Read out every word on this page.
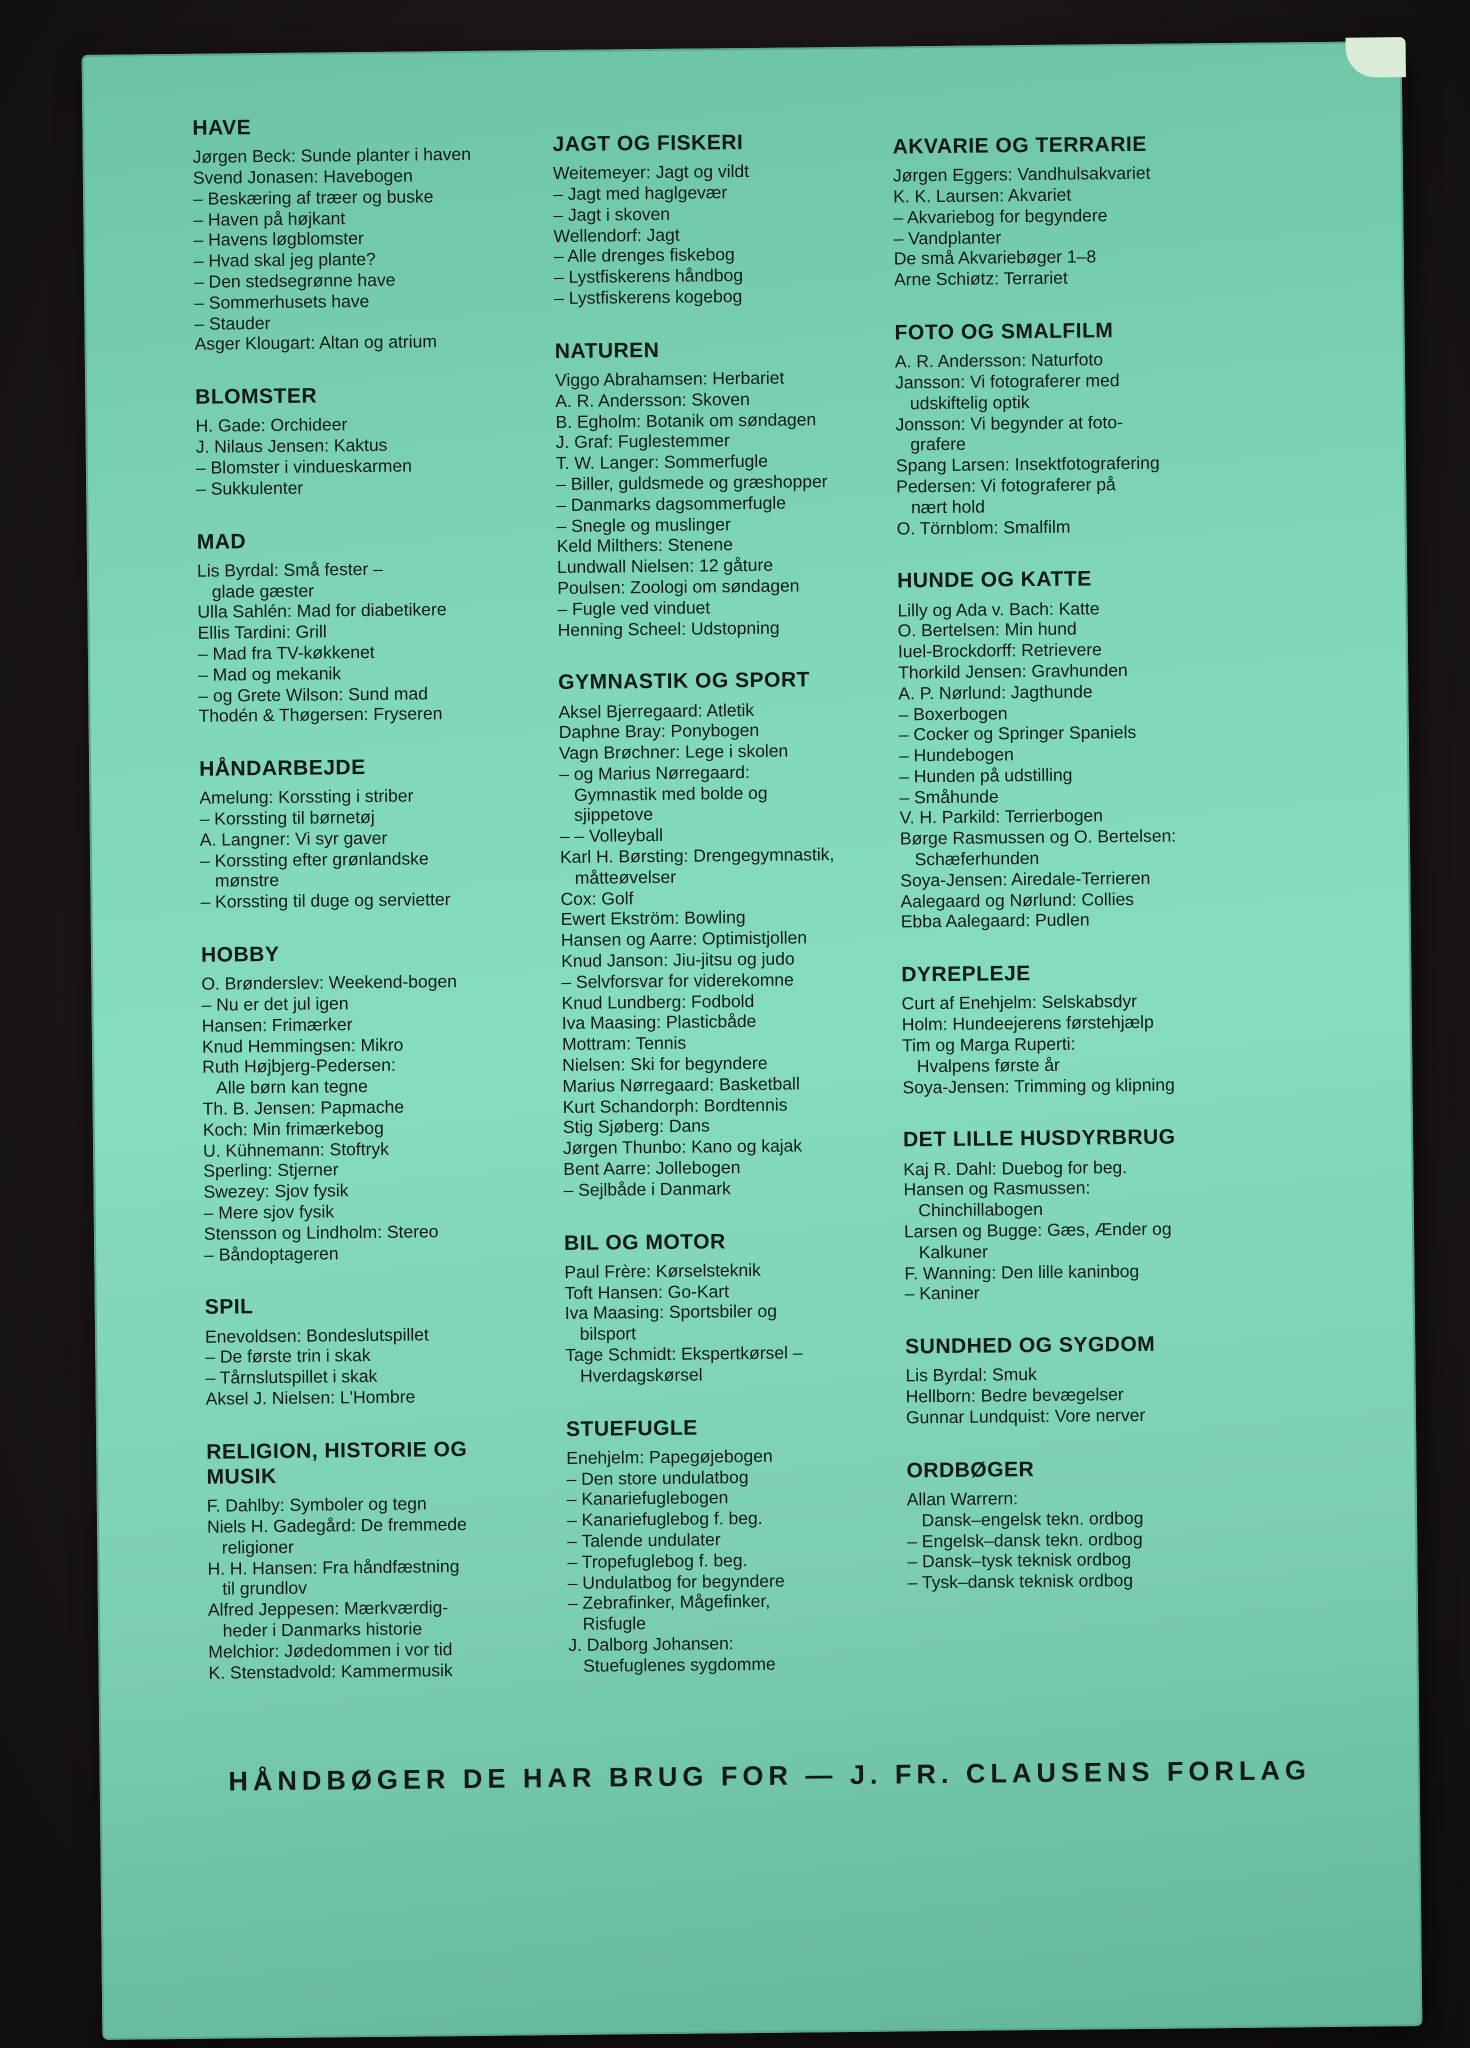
HAVE
Jørgen Beck: Sunde planter i haven
Svend Jonasen: Havebogen
– Beskæring af træer og buske
– Haven på højkant
– Havens løgblomster
– Hvad skal jeg plante?
– Den stedsegrønne have
– Sommerhusets have
– Stauder
Asger Klougart: Altan og atrium
BLOMSTER
H. Gade: Orchideer
J. Nilaus Jensen: Kaktus
– Blomster i vindueskarmen
– Sukkulenter
MAD
Lis Byrdal: Små fester –
glade gæster
Ulla Sahlén: Mad for diabetikere
Ellis Tardini: Grill
– Mad fra TV-køkkenet
– Mad og mekanik
– og Grete Wilson: Sund mad
Thodén & Thøgersen: Fryseren
HÅNDARBEJDE
Amelung: Korssting i striber
– Korssting til børnetøj
A. Langner: Vi syr gaver
– Korssting efter grønlandske
mønstre
– Korssting til duge og servietter
HOBBY
O. Brønderslev: Weekend-bogen
– Nu er det jul igen
Hansen: Frimærker
Knud Hemmingsen: Mikro
Ruth Højbjerg-Pedersen:
Alle børn kan tegne
Th. B. Jensen: Papmache
Koch: Min frimærkebog
U. Kühnemann: Stoftryk
Sperling: Stjerner
Swezey: Sjov fysik
– Mere sjov fysik
Stensson og Lindholm: Stereo
– Båndoptageren
SPIL
Enevoldsen: Bondeslutspillet
– De første trin i skak
– Tårnslutspillet i skak
Aksel J. Nielsen: L'Hombre
RELIGION, HISTORIE OG
MUSIK
F. Dahlby: Symboler og tegn
Niels H. Gadegård: De fremmede
religioner
H. H. Hansen: Fra håndfæstning
til grundlov
Alfred Jeppesen: Mærkværdig-
heder i Danmarks historie
Melchior: Jødedommen i vor tid
K. Stenstadvold: Kammermusik
JAGT OG FISKERI
Weitemeyer: Jagt og vildt
– Jagt med haglgevær
– Jagt i skoven
Wellendorf: Jagt
– Alle drenges fiskebog
– Lystfiskerens håndbog
– Lystfiskerens kogebog
NATUREN
Viggo Abrahamsen: Herbariet
A. R. Andersson: Skoven
B. Egholm: Botanik om søndagen
J. Graf: Fuglestemmer
T. W. Langer: Sommerfugle
– Biller, guldsmede og græshopper
– Danmarks dagsommerfugle
– Snegle og muslinger
Keld Milthers: Stenene
Lundwall Nielsen: 12 gåture
Poulsen: Zoologi om søndagen
– Fugle ved vinduet
Henning Scheel: Udstopning
GYMNASTIK OG SPORT
Aksel Bjerregaard: Atletik
Daphne Bray: Ponybogen
Vagn Brøchner: Lege i skolen
– og Marius Nørregaard:
Gymnastik med bolde og
sjippetove
– – Volleyball
Karl H. Børsting: Drengegymnastik,
måtteøvelser
Cox: Golf
Ewert Ekström: Bowling
Hansen og Aarre: Optimistjollen
Knud Janson: Jiu-jitsu og judo
– Selvforsvar for viderekomne
Knud Lundberg: Fodbold
Iva Maasing: Plasticbåde
Mottram: Tennis
Nielsen: Ski for begyndere
Marius Nørregaard: Basketball
Kurt Schandorph: Bordtennis
Stig Sjøberg: Dans
Jørgen Thunbo: Kano og kajak
Bent Aarre: Jollebogen
– Sejlbåde i Danmark
BIL OG MOTOR
Paul Frère: Kørselsteknik
Toft Hansen: Go-Kart
Iva Maasing: Sportsbiler og
bilsport
Tage Schmidt: Ekspertkørsel –
Hverdagskørsel
STUEFUGLE
Enehjelm: Papegøjebogen
– Den store undulatbog
– Kanariefuglebogen
– Kanariefuglebog f. beg.
– Talende undulater
– Tropefuglebog f. beg.
– Undulatbog for begyndere
– Zebrafinker, Mågefinker,
Risfugle
J. Dalborg Johansen:
Stuefuglenes sygdomme
AKVARIE OG TERRARIE
Jørgen Eggers: Vandhulsakvariet
K. K. Laursen: Akvariet
– Akvariebog for begyndere
– Vandplanter
De små Akvariebøger 1–8
Arne Schiøtz: Terrariet
FOTO OG SMALFILM
A. R. Andersson: Naturfoto
Jansson: Vi fotograferer med
udskiftelig optik
Jonsson: Vi begynder at foto-
grafere
Spang Larsen: Insektfotografering
Pedersen: Vi fotograferer på
nært hold
O. Törnblom: Smalfilm
HUNDE OG KATTE
Lilly og Ada v. Bach: Katte
O. Bertelsen: Min hund
Iuel-Brockdorff: Retrievere
Thorkild Jensen: Gravhunden
A. P. Nørlund: Jagthunde
– Boxerbogen
– Cocker og Springer Spaniels
– Hundebogen
– Hunden på udstilling
– Småhunde
V. H. Parkild: Terrierbogen
Børge Rasmussen og O. Bertelsen:
Schæferhunden
Soya-Jensen: Airedale-Terrieren
Aalegaard og Nørlund: Collies
Ebba Aalegaard: Pudlen
DYREPLEJE
Curt af Enehjelm: Selskabsdyr
Holm: Hundeejerens førstehjælp
Tim og Marga Ruperti:
Hvalpens første år
Soya-Jensen: Trimming og klipning
DET LILLE HUSDYRBRUG
Kaj R. Dahl: Duebog for beg.
Hansen og Rasmussen:
Chinchillabogen
Larsen og Bugge: Gæs, Ænder og
Kalkuner
F. Wanning: Den lille kaninbog
– Kaniner
SUNDHED OG SYGDOM
Lis Byrdal: Smuk
Hellborn: Bedre bevægelser
Gunnar Lundquist: Vore nerver
ORDBØGER
Allan Warrern:
Dansk–engelsk tekn. ordbog
– Engelsk–dansk tekn. ordbog
– Dansk–tysk teknisk ordbog
– Tysk–dansk teknisk ordbog
HÅNDBØGER DE HAR BRUG FOR — J. FR. CLAUSENS FORLAG
